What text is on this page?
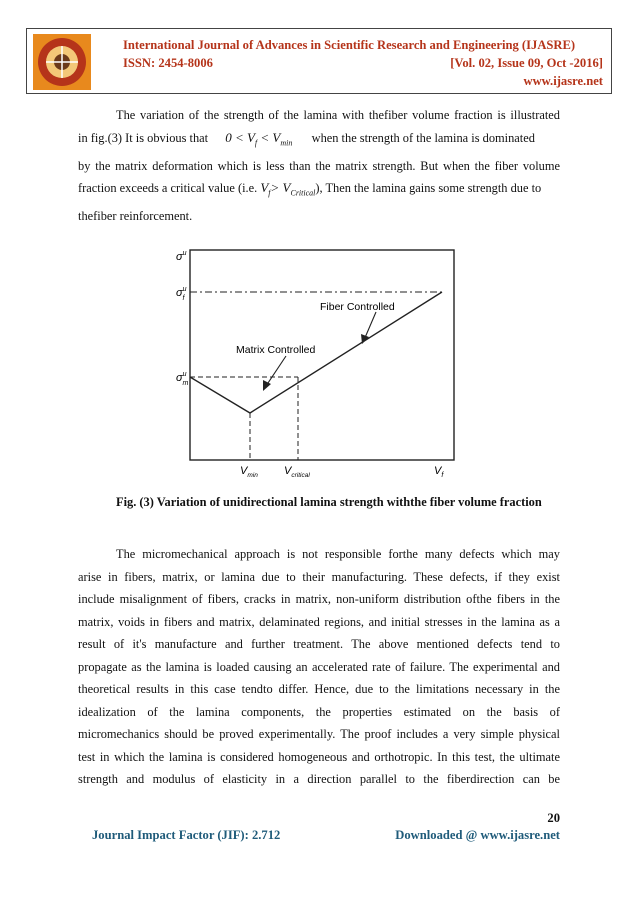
International Journal of Advances in Scientific Research and Engineering (IJASRE)
ISSN: 2454-8006	[Vol. 02, Issue 09, Oct -2016]
www.ijasre.net
The variation of the strength of the lamina with thefiber volume fraction is illustrated
in fig.(3) It is obvious that $0 < V_f < V_{min}$ when the strength of the lamina is dominated
by the matrix deformation which is less than the matrix strength. But when the fiber volume
fraction exceeds a critical value (i.e. $V_f> V_{Critical}$), Then the lamina gains some strength due to
thefiber reinforcement.
Fiber Controlled
Matrix Controlled
$\sigma^u$
$\sigma^u$ f
$\sigma^u$ m
$V_{min}$ $V_{critical}$	$V_f$
Fig. (3) Variation of unidirectional lamina strength withthe fiber volume fraction
The micromechanical approach is not responsible forthe many defects which may
arise in fibers, matrix, or lamina due to their manufacturing. These defects, if they exist
include misalignment of fibers, cracks in matrix, non-uniform distribution ofthe fibers in the
matrix, voids in fibers and matrix, delaminated regions, and initial stresses in the lamina as a
result of it's manufacture and further treatment. The above mentioned defects tend to
propagate as the lamina is loaded causing an accelerated rate of failure. The experimental and
theoretical results in this case tendto differ. Hence, due to the limitations necessary in the
idealization of the lamina components, the properties estimated on the basis of
micromechanics should be proved experimentally. The proof includes a very simple physical
test in which the lamina is considered homogeneous and orthotropic. In this test, the ultimate
strength and modulus of elasticity in a direction parallel to the fiberdirection can be
20
Journal Impact Factor (JIF): 2.712	Downloaded @ www.ijasre.net
